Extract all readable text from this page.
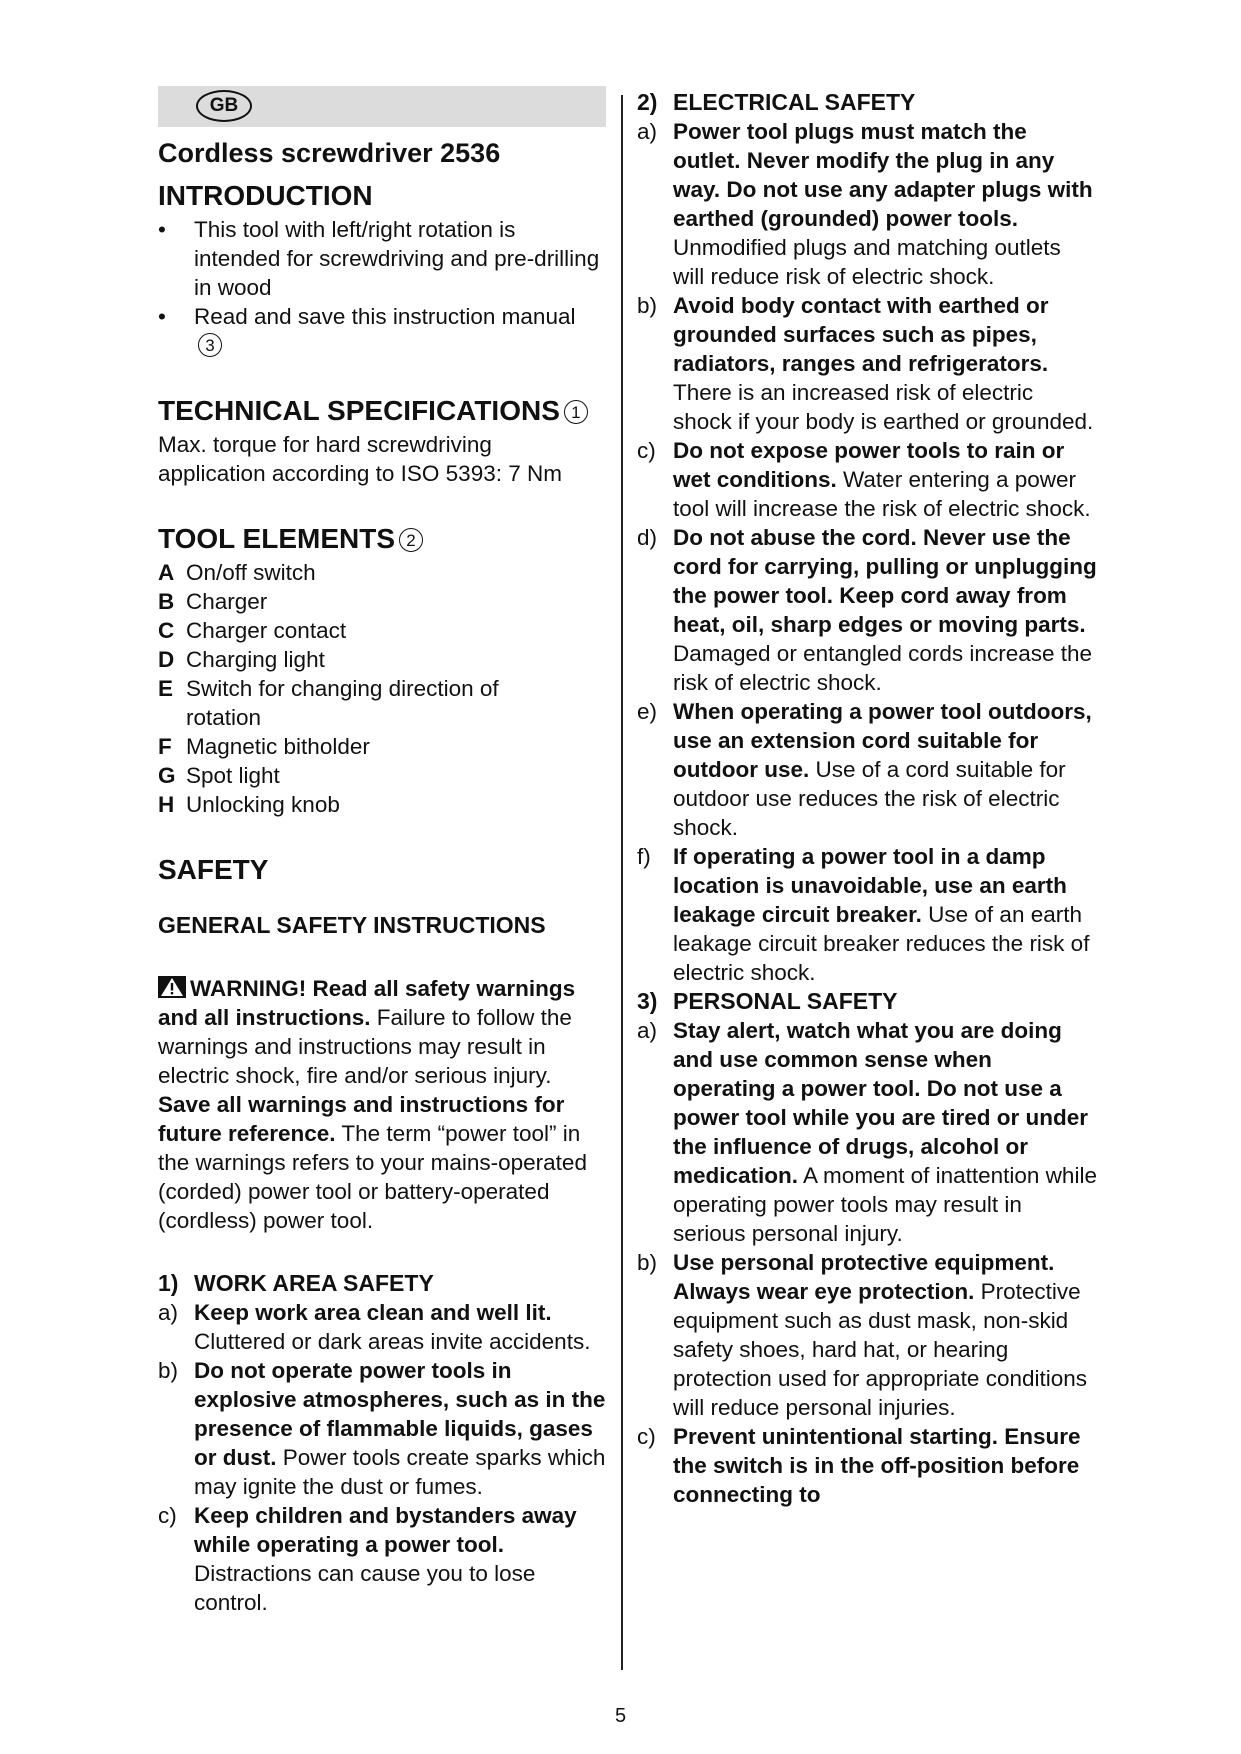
GB
Cordless screwdriver 2536
INTRODUCTION
•	This tool with left/right rotation is intended for screwdriving and pre-drilling in wood
•	Read and save this instruction manual
3
TECHNICAL SPECIFICATIONS 1

Max. torque for hard screwdriving application according to ISO 5393: 7 Nm

TOOL ELEMENTS 2
A On/off switch
B Charger
C Charger contact
D Charging light
E Switch for changing direction of rotation
F Magnetic bitholder
G Spot light
H Unlocking knob
SAFETY
GENERAL SAFETY INSTRUCTIONS

WARNING! Read all safety warnings and all instructions. Failure to follow the warnings and instructions may result in electric shock, fire and/or serious injury. Save all warnings and instructions for future reference. The term “power tool” in the warnings refers to your mains-operated (corded) power tool or battery-operated (cordless) power tool.

1) WORK AREA SAFETY
a) Keep work area clean and well lit. Cluttered or dark areas invite accidents.
b) Do not operate power tools in explosive atmospheres, such as in the presence of flammable liquids, gases or dust. Power tools create sparks which may ignite the dust or fumes.
c) Keep children and bystanders away while operating a power tool. Distractions can cause you to lose control.
2) ELECTRICAL SAFETY
a) Power tool plugs must match the outlet. Never modify the plug in any way. Do not use any adapter plugs with earthed (grounded) power tools. Unmodified plugs and matching outlets will reduce risk of electric shock.
b) Avoid body contact with earthed or grounded surfaces such as pipes, radiators, ranges and refrigerators. There is an increased risk of electric shock if your body is earthed or grounded.
c) Do not expose power tools to rain or wet conditions. Water entering a power tool will increase the risk of electric shock.
d) Do not abuse the cord. Never use the cord for carrying, pulling or unplugging the power tool. Keep cord away from heat, oil, sharp edges or moving parts. Damaged or entangled cords increase the risk of electric shock.
e) When operating a power tool outdoors, use an extension cord suitable for outdoor use. Use of a cord suitable for outdoor use reduces the risk of electric shock.
f) If operating a power tool in a damp location is unavoidable, use an earth leakage circuit breaker. Use of an earth leakage circuit breaker reduces the risk of electric shock.
3) PERSONAL SAFETY
a) Stay alert, watch what you are doing and use common sense when operating a power tool. Do not use a power tool while you are tired or under the influence of drugs, alcohol or medication. A moment of inattention while operating power tools may result in serious personal injury.
b) Use personal protective equipment. Always wear eye protection. Protective equipment such as dust mask, non-skid safety shoes, hard hat, or hearing protection used for appropriate conditions will reduce personal injuries.
c) Prevent unintentional starting. Ensure the switch is in the off-position before connecting to
5
